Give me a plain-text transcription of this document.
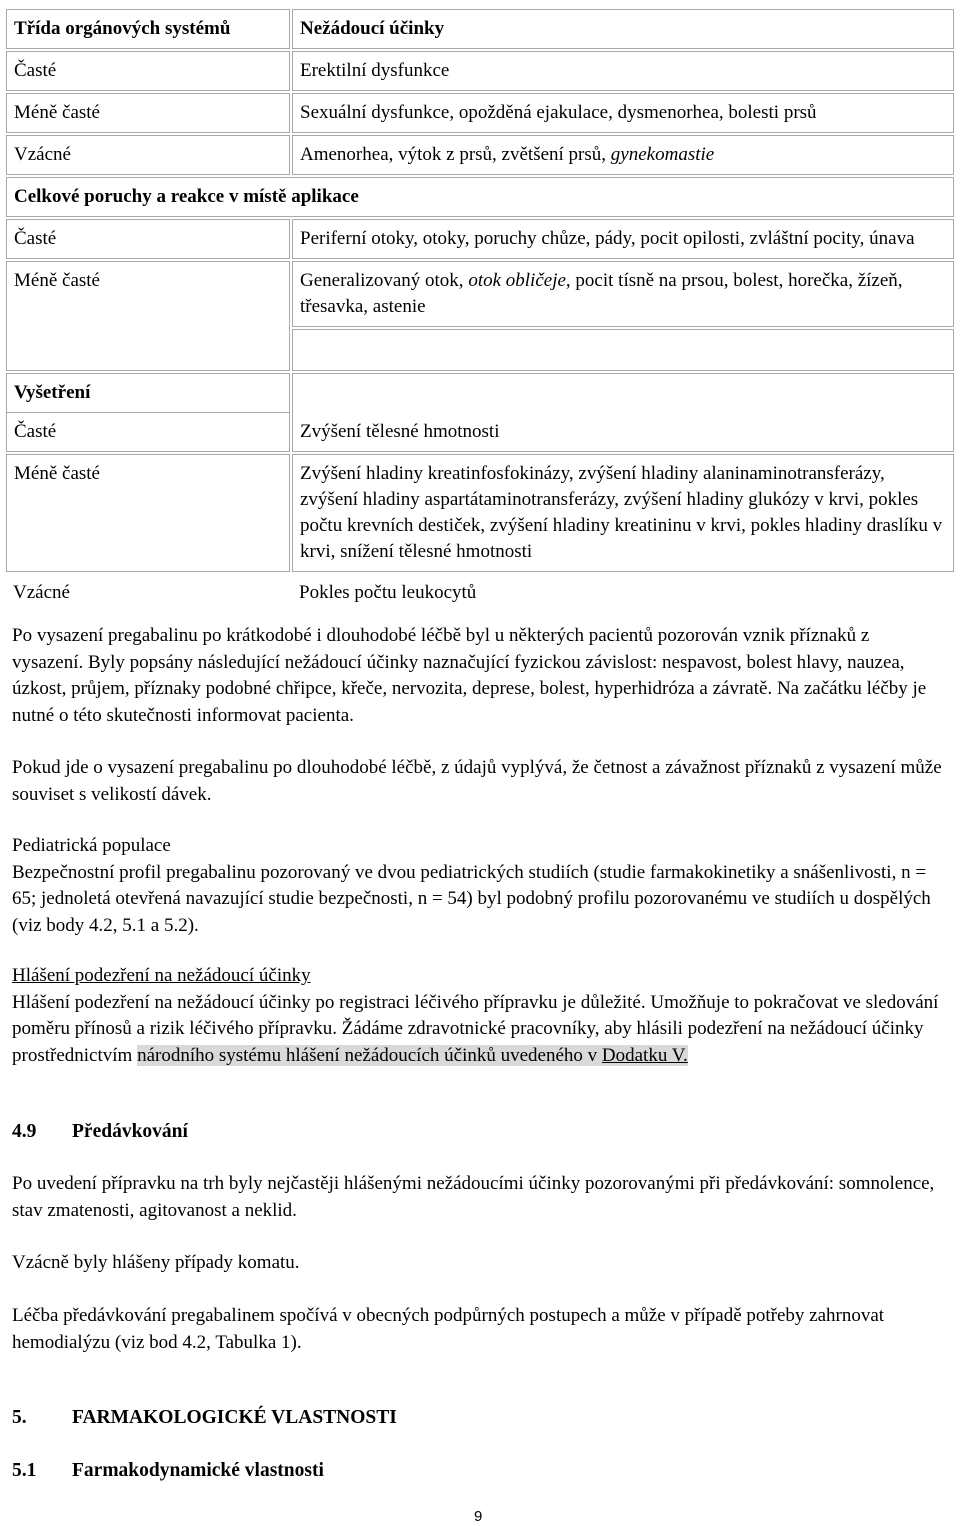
Třída orgánových systémů	Nežádoucí účinky
Časté	Erektilní dysfunkce
Méně časté	Sexuální dysfunkce, opožděná ejakulace, dysmenorhea, bolesti prsů
Vzácné	Amenorhea, výtok z prsů, zvětšení prsů, gynekomastie
Celkové poruchy a reakce v místě aplikace	
Časté	Periferní otoky, otoky, poruchy chůze, pády, pocit opilosti, zvláštní pocity, únava
Méně časté	Generalizovaný otok, otok obličeje, pocit tísně na prsou, bolest, horečka, žízeň, třesavka, astenie

Vyšetření
Časté	Zvýšení tělesné hmotnosti
Méně časté	Zvýšení hladiny kreatinfosfokinázy, zvýšení hladiny alaninaminotransferázy, zvýšení hladiny aspartátaminotransferázy, zvýšení hladiny glukózy v krvi, pokles počtu krevních destiček, zvýšení hladiny kreatininu v krvi, pokles hladiny draslíku v krvi, snížení tělesné hmotnosti
Vzácné	Pokles počtu leukocytů
Po vysazení pregabalinu po krátkodobé i dlouhodobé léčbě byl u některých pacientů pozorován vznik příznaků z vysazení. Byly popsány následující nežádoucí účinky naznačující fyzickou závislost: nespavost, bolest hlavy, nauzea, úzkost, průjem, příznaky podobné chřipce, křeče, nervozita, deprese, bolest, hyperhidróza a závratě. Na začátku léčby je nutné o této skutečnosti informovat pacienta.
Pokud jde o vysazení pregabalinu po dlouhodobé léčbě, z údajů vyplývá, že četnost a závažnost příznaků z vysazení může souviset s velikostí dávek.
Pediatrická populace
Bezpečnostní profil pregabalinu pozorovaný ve dvou pediatrických studiích (studie farmakokinetiky a snášenlivosti, n = 65; jednoletá otevřená navazující studie bezpečnosti, n = 54) byl podobný profilu pozorovanému ve studiích u dospělých (viz body 4.2, 5.1 a 5.2).
Hlášení podezření na nežádoucí účinky
Hlášení podezření na nežádoucí účinky po registraci léčivého přípravku je důležité. Umožňuje to pokračovat ve sledování poměru přínosů a rizik léčivého přípravku. Žádáme zdravotnické pracovníky, aby hlásili podezření na nežádoucí účinky prostřednictvím národního systému hlášení nežádoucích účinků uvedeného v Dodatku V.
4.9 Předávkování
Po uvedení přípravku na trh byly nejčastěji hlášenými nežádoucími účinky pozorovanými při předávkování: somnolence, stav zmatenosti, agitovanost a neklid.
Vzácně byly hlášeny případy komatu.
Léčba předávkování pregabalinem spočívá v obecných podpůrných postupech a může v případě potřeby zahrnovat hemodialýzu (viz bod 4.2, Tabulka 1).
5. FARMAKOLOGICKÉ VLASTNOSTI
5.1 Farmakodynamické vlastnosti
9
